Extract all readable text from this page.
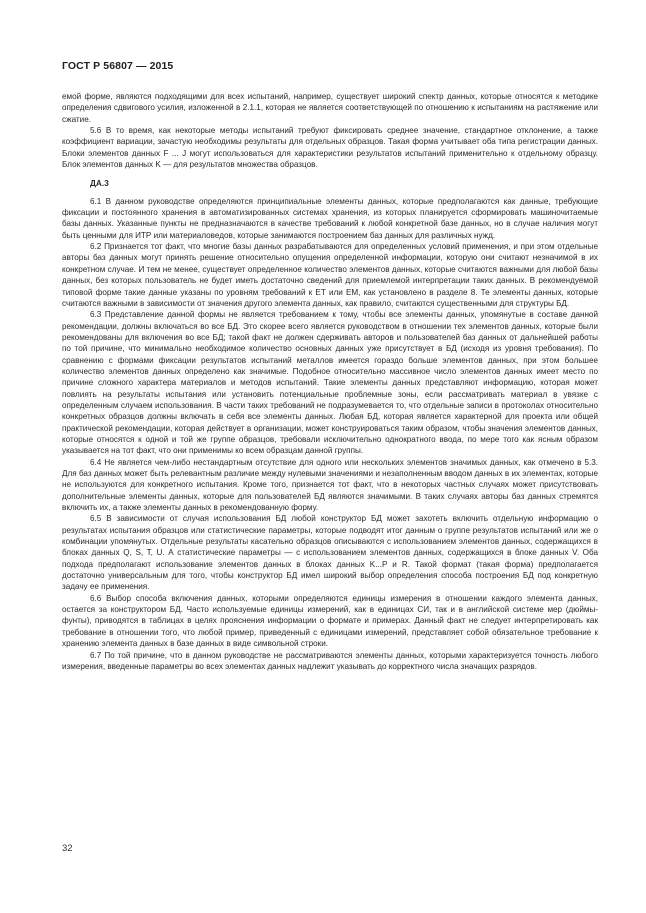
ГОСТ Р 56807 — 2015

емой форме, являются подходящими для всех испытаний, например, существует широкий спектр данных, которые относятся к методике определения сдвигового усилия, изложенной в 2.1.1, которая не является соответствующей по отношению к испытаниям на растяжение или сжатие.

5.6 В то время, как некоторые методы испытаний требуют фиксировать среднее значение, стандартное отклонение, а также коэффициент вариации, зачастую необходимы результаты для отдельных образцов. Такая форма учитывает оба типа регистрации данных. Блоки элементов данных F ... J могут использоваться для характеристики результатов испытаний применительно к отдельному образцу. Блок элементов данных K — для результатов множества образцов.

ДА.3

6.1 В данном руководстве определяются принципиальные элементы данных, которые предполагаются как данные, требующие фиксации и постоянного хранения в автоматизированных системах хранения, из которых планируется сформировать машиночитаемые базы данных. Указанные пункты не предназначаются в качестве требований к любой конкретной базе данных, но в случае наличия могут быть ценными для ИТР или материаловедов, которые занимаются построением баз данных для различных нужд.

6.2 Признается тот факт, что многие базы данных разрабатываются для определенных условий применения, и при этом отдельные авторы баз данных могут принять решение относительно опущения определенной информации, которую они считают незначимой в их конкретном случае. И тем не менее, существует определенное количество элементов данных, которые считаются важными для любой базы данных, без которых пользователь не будет иметь достаточно сведений для приемлемой интерпретации таких данных. В рекомендуемой типовой форме такие данные указаны по уровням требований к ЕТ или ЕМ, как установлено в разделе 8. Те элементы данных, которые считаются важными в зависимости от значения другого элемента данных, как правило, считаются существенными для структуры БД.

6.3 Представление данной формы не является требованием к тому, чтобы все элементы данных, упомянутые в составе данной рекомендации, должны включаться во все БД. Это скорее всего является руководством в отношении тех элементов данных, которые были рекомендованы для включения во все БД; такой факт не должен сдерживать авторов и пользователей баз данных от дальнейшей работы по той причине, что минимально необходимое количество основных данных уже присутствует в БД (исходя из уровня требования). По сравнению с формами фиксации результатов испытаний металлов имеется гораздо больше элементов данных, при этом большее количество элементов данных определено как значимые. Подобное относительно массивное число элементов данных имеет место по причине сложного характера материалов и методов испытаний. Такие элементы данных представляют информацию, которая может повлиять на результаты испытания или установить потенциальные проблемные зоны, если рассматривать материал в увязке с определенным случаем использования. В части таких требований не подразумевается то, что отдельные записи в протоколах относительно конкретных образцов должны включать в себя все элементы данных. Любая БД, которая является характерной для проекта или общей практической рекомендации, которая действует в организации, может конструироваться таким образом, чтобы значения элементов данных, которые относятся к одной и той же группе образцов, требовали исключительно однократного ввода, по мере того как ясным образом указывается на тот факт, что они применимы ко всем образцам данной группы.

6.4 Не является чем-либо нестандартным отсутствие для одного или нескольких элементов значимых данных, как отмечено в 5.3. Для баз данных может быть релевантным различие между нулевыми значениями и незаполненным вводом данных в их элементах, которые не используются для конкретного испытания. Кроме того, признается тот факт, что в некоторых частных случаях может присутствовать дополнительные элементы данных, которые для пользователей БД являются значимыми. В таких случаях авторы баз данных стремятся включить их, а также элементы данных в рекомендованную форму.

6.5 В зависимости от случая использования БД любой конструктор БД может захотеть включить отдельную информацию о результатах испытания образцов или статистические параметры, которые подводят итог данным о группе результатов испытаний или же о комбинации упомянутых. Отдельные результаты касательно образцов описываются с использованием элементов данных, содержащихся в блоках данных Q, S, T, U. А статистические параметры — с использованием элементов данных, содержащихся в блоке данных V. Оба подхода предполагают использование элементов данных в блоках данных K...P и R. Такой формат (такая форма) предполагается достаточно универсальным для того, чтобы конструктор БД имел широкий выбор определения способа построения БД под конкретную задачу ее применения.

6.6 Выбор способа включения данных, которыми определяются единицы измерения в отношении каждого элемента данных, остается за конструктором БД. Часто используемые единицы измерений, как в единицах СИ, так и в английской системе мер (дюймы-фунты), приводятся в таблицах в целях прояснения информации о формате и примерах. Данный факт не следует интерпретировать как требование в отношении того, что любой пример, приведенный с единицами измерений, представляет собой обязательное требование к хранению элемента данных в базе данных в виде символьной строки.

6.7 По той причине, что в данном руководстве не рассматриваются элементы данных, которыми характеризуется точность любого измерения, введенные параметры во всех элементах данных надлежит указывать до корректного числа значащих разрядов.

32
